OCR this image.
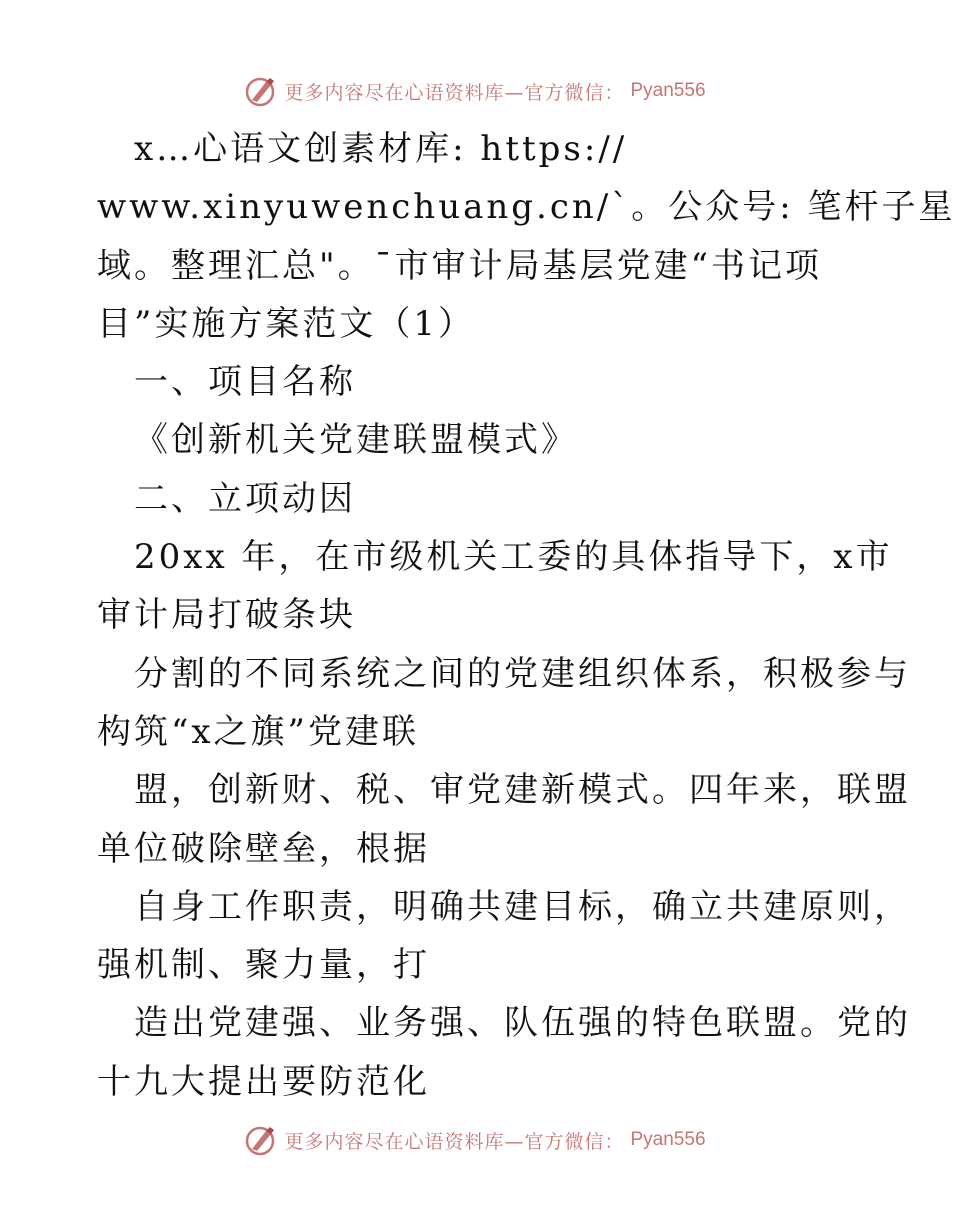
更多内容尽在心语资料库—官方微信： Pyan556
x…心语文创素材库: https://
www.xinyuwenchuang.cn/`。公众号: 笔杆子星
域。整理汇总"。¯市审计局基层党建“书记项
目”实施方案范文（1）
一、项目名称
《创新机关党建联盟模式》
二、立项动因
20xx 年，在市级机关工委的具体指导下，x市
审计局打破条块
分割的不同系统之间的党建组织体系，积极参与
构筑“x之旗”党建联
盟，创新财、税、审党建新模式。四年来，联盟
单位破除壁垒，根据
自身工作职责，明确共建目标，确立共建原则，
强机制、聚力量，打
造出党建强、业务强、队伍强的特色联盟。党的
十九大提出要防范化
更多内容尽在心语资料库—官方微信： Pyan556
